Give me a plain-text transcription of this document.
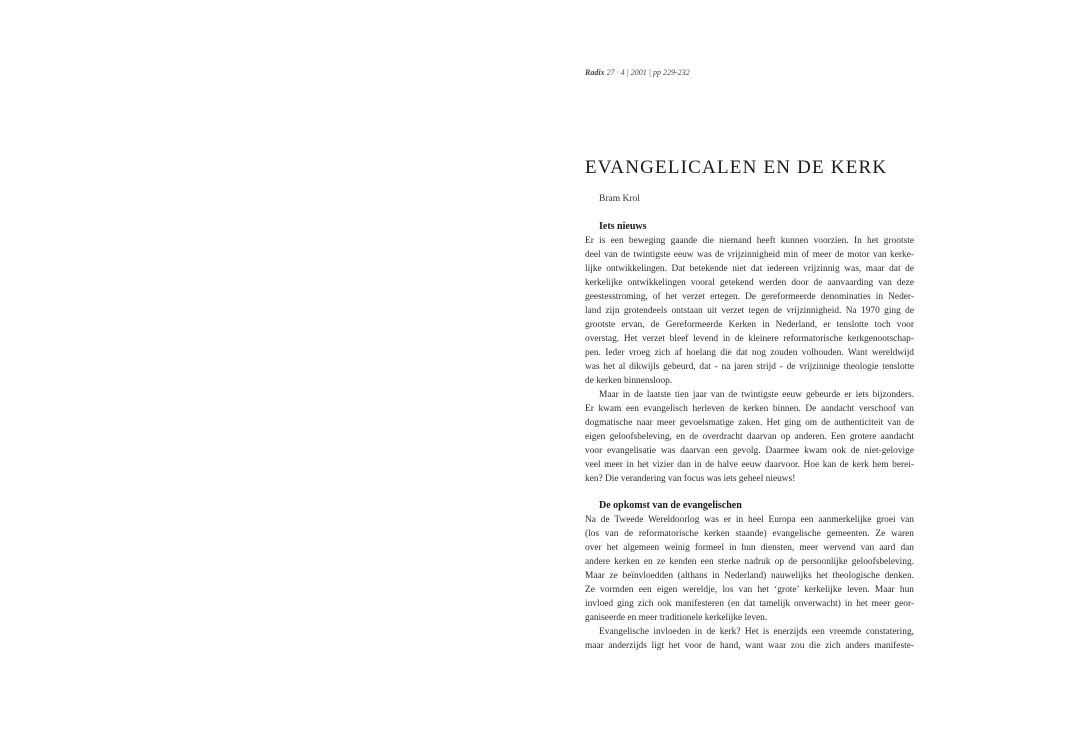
Radix 27 · 4 | 2001 | pp 229-232
EVANGELICALEN EN DE KERK
Bram Krol
Iets nieuws
Er is een beweging gaande die niemand heeft kunnen voorzien. In het grootste
deel van de twintigste eeuw was de vrijzinnigheid min of meer de motor van kerke-
lijke ontwikkelingen. Dat betekende niet dat iedereen vrijzinnig was, maar dat de
kerkelijke ontwikkelingen vooral getekend werden door de aanvaarding van deze
geestesstroming, of het verzet ertegen. De gereformeerde denominaties in Neder-
land zijn grotendeels ontstaan uit verzet tegen de vrijzinnigheid. Na 1970 ging de
grootste ervan, de Gereformeerde Kerken in Nederland, er tenslotte toch voor
overstag. Het verzet bleef levend in de kleinere reformatorische kerkgenootschap-
pen. Ieder vroeg zich af hoelang die dat nog zouden volhouden. Want wereldwijd
was het al dikwijls gebeurd, dat - na jaren strijd - de vrijzinnige theologie tenslotte
de kerken binnensloop.
Maar in de laatste tien jaar van de twintigste eeuw gebeurde er iets bijzonders.
Er kwam een evangelisch herleven de kerken binnen. De aandacht verschoof van
dogmatische naar meer gevoelsmatige zaken. Het ging om de authenticiteit van de
eigen geloofsbeleving, en de overdracht daarvan op anderen. Een grotere aandacht
voor evangelisatie was daarvan een gevolg. Daarmee kwam ook de niet-gelovige
veel meer in het vizier dan in de halve eeuw daarvoor. Hoe kan de kerk hem berei-
ken? Die verandering van focus was iets geheel nieuws!
De opkomst van de evangelischen
Na de Tweede Wereldoorlog was er in heel Europa een aanmerkelijke groei van
(los van de reformatorische kerken staande) evangelische gemeenten. Ze waren
over het algemeen weinig formeel in hun diensten, meer wervend van aard dan
andere kerken en ze kenden een sterke nadruk op de persoonlijke geloofsbeleving.
Maar ze beïnvloedden (althans in Nederland) nauwelijks het theologische denken.
Ze vormden een eigen wereldje, los van het ‘grote’ kerkelijke leven. Maar hun
invloed ging zich ook manifesteren (en dat tamelijk onverwacht) in het meer geor-
ganiseerde en meer traditionele kerkelijke leven.
Evangelische invloeden in de kerk? Het is enerzijds een vreemde constatering,
maar anderzijds ligt het voor de hand, want waar zou die zich anders manifeste-
